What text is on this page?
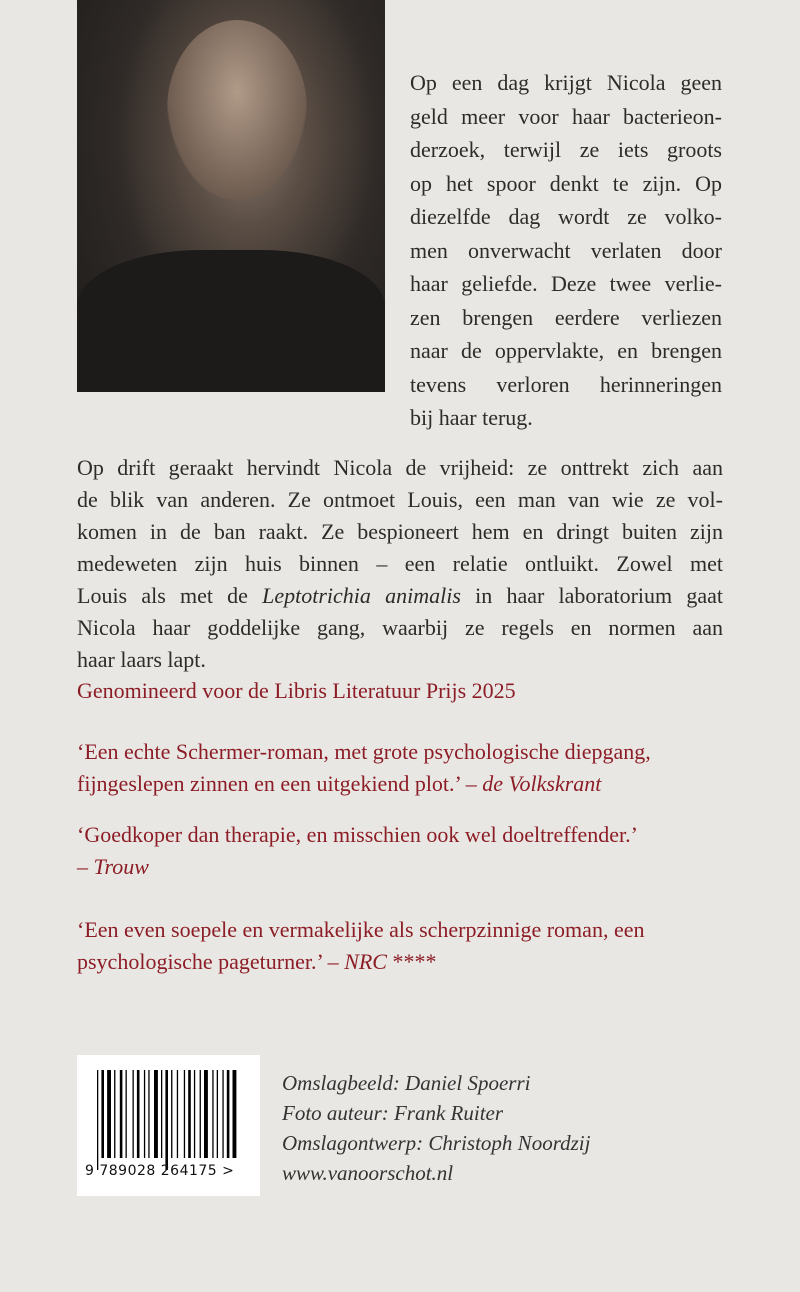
Op een dag krijgt Nicola geen
geld meer voor haar bacterieon-
derzoek, terwijl ze iets groots
op het spoor denkt te zijn. Op
diezelfde dag wordt ze volko-
men onverwacht verlaten door
haar geliefde. Deze twee verlie-
zen brengen eerdere verliezen
naar de oppervlakte, en brengen
tevens verloren herinneringen
bij haar terug.
Op drift geraakt hervindt Nicola de vrijheid: ze onttrekt zich aan
de blik van anderen. Ze ontmoet Louis, een man van wie ze vol-
komen in de ban raakt. Ze bespioneert hem en dringt buiten zijn
medeweten zijn huis binnen – een relatie ontluikt. Zowel met
Louis als met de Leptotrichia animalis in haar laboratorium gaat
Nicola haar goddelijke gang, waarbij ze regels en normen aan
haar laars lapt.
Genomineerd voor de Libris Literatuur Prijs 2025
‘Een echte Schermer-roman, met grote psychologische diepgang,
fijngeslepen zinnen en een uitgekiend plot.’ – de Volkskrant
‘Goedkoper dan therapie, en misschien ook wel doeltreffender.’
– Trouw
‘Een even soepele en vermakelijke als scherpzinnige roman, een
psychologische pageturner.’ – NRC ****
9 789028 264175 >
Omslagbeeld: Daniel Spoerri
Foto auteur: Frank Ruiter
Omslagontwerp: Christoph Noordzij
www.vanoorschot.nl
